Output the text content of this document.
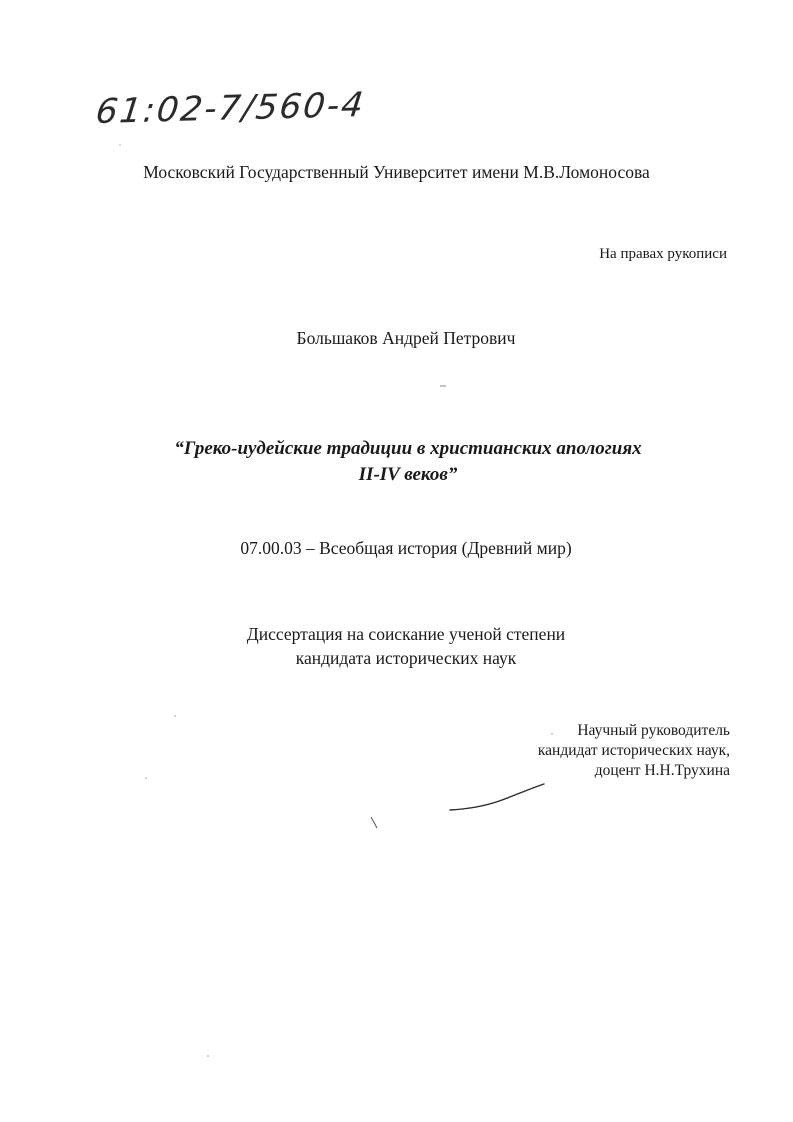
61:02-7/560-4
Московский Государственный Университет имени М.В.Ломоносова
На правах рукописи
Большаков Андрей Петрович
“Греко-иудейские традиции в христианских апологиях
II-IV веков”
07.00.03 – Всеобщая история (Древний мир)
Диссертация на соискание ученой степени
кандидата исторических наук
Научный руководитель
кандидат исторических наук,
доцент Н.Н.Трухина
